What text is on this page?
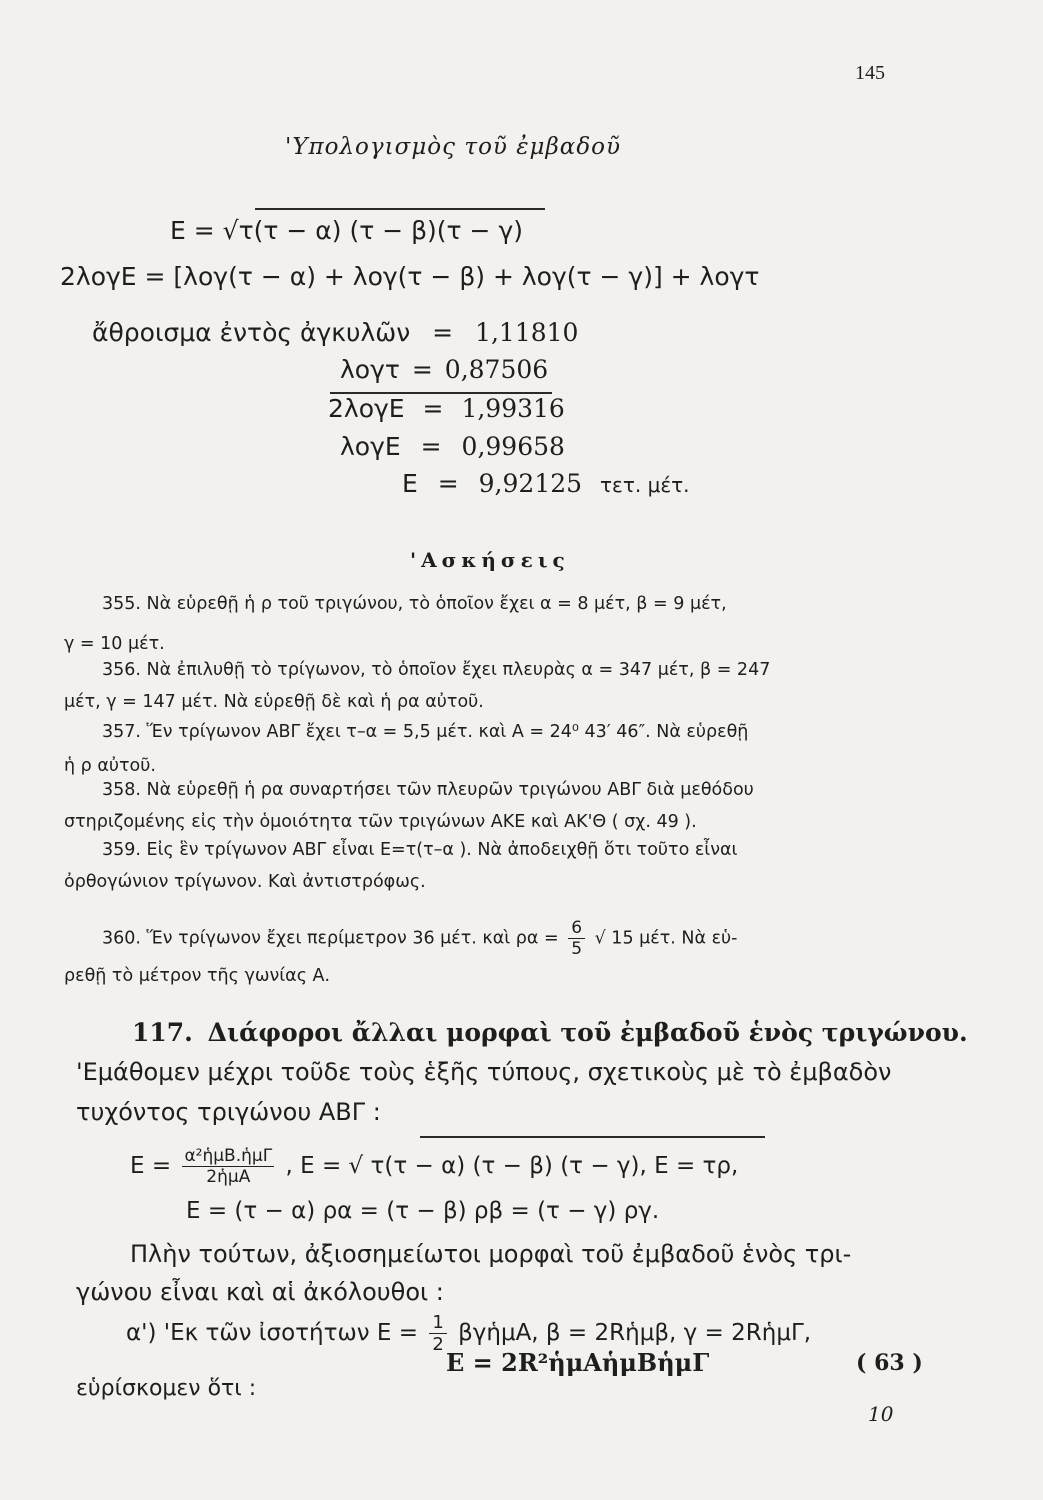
145
'Υπολογισμὸς τοῦ ἐμβαδοῦ
E = √τ(τ − α) (τ − β)(τ − γ)
2λογE = [λογ(τ − α) + λογ(τ − β) + λογ(τ − γ)] + λογτ
ἄθροισμα ἐντὸς ἀγκυλῶν = 1,11810
λογτ = 0,87506
2λογE = 1,99316
λογE = 0,99658
E = 9,92125 τετ. μέτ.
'Ασκήσεις
355. Νὰ εὑρεθῇ ἡ ρ τοῦ τριγώνου, τὸ ὁποῖον ἔχει α = 8 μέτ, β = 9 μέτ,
γ = 10 μέτ.
356. Νὰ ἐπιλυθῇ τὸ τρίγωνον, τὸ ὁποῖον ἔχει πλευρὰς α = 347 μέτ, β = 247
μέτ, γ = 147 μέτ. Νὰ εὑρεθῇ δὲ καὶ ἡ ρα αὐτοῦ.
357. Ἕν τρίγωνον ΑΒΓ ἔχει τ–α = 5,5 μέτ. καὶ Α = 24⁰ 43′ 46″. Νὰ εὑρεθῇ
ἡ ρ αὐτοῦ.
358. Νὰ εὑρεθῇ ἡ ρα συναρτήσει τῶν πλευρῶν τριγώνου ΑΒΓ διὰ μεθόδου
στηριζομένης εἰς τὴν ὁμοιότητα τῶν τριγώνων ΑΚΕ καὶ ΑΚ'Θ ( σχ. 49 ).
359. Εἰς ἓν τρίγωνον ΑΒΓ εἶναι Ε=τ(τ–α ). Νὰ ἀποδειχθῇ ὅτι τοῦτο εἶναι
ὀρθογώνιον τρίγωνον. Καὶ ἀντιστρόφως.
360. Ἕν τρίγωνον ἔχει περίμετρον 36 μέτ. καὶ $\rho\alpha = \frac{6}{5}$ √ 15 μέτ. Νὰ εὑ-
ρεθῇ τὸ μέτρον τῆς γωνίας Α.
117. Διάφοροι ἄλλαι μορφαὶ τοῦ ἐμβαδοῦ ἑνὸς τριγώνου.
'Εμάθομεν μέχρι τοῦδε τοὺς ἑξῆς τύπους, σχετικοὺς μὲ τὸ ἐμβαδὸν
τυχόντος τριγώνου ΑΒΓ :
E = α²ἡμΒ.ἡμΓ
2ἡμΑ	, E = √ τ(τ − α) (τ − β) (τ − γ), E = τρ,
E = (τ − α) ρα = (τ − β) ρβ = (τ − γ) ργ.
Πλὴν τούτων, ἀξιοσημείωτοι μορφαὶ τοῦ ἐμβαδοῦ ἑνὸς τρι-
γώνου εἶναι καὶ αἱ ἀκόλουθοι :
α') 'Εκ τῶν ἰσοτήτων $E = \frac{1}{2}$ βγἡμΑ, β = 2Rἡμβ, γ = 2RἡμΓ,
εὑρίσκομεν ὅτι :
E = 2R²ἡμΑἡμΒἡμΓ	( 63 )
10
